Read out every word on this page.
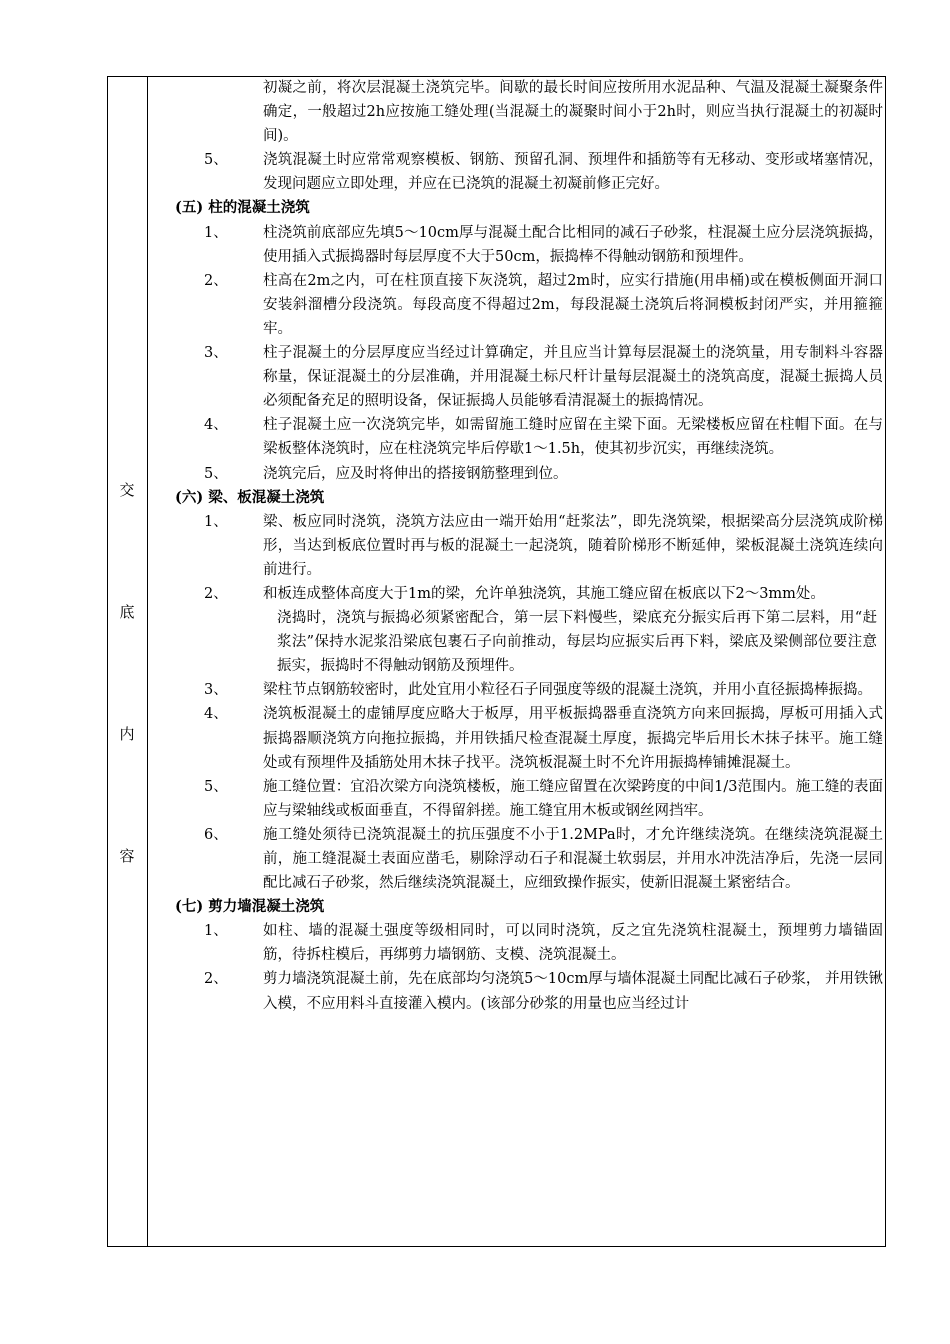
交
底
内
容
初凝之前，将次层混凝土浇筑完毕。间歇的最长时间应按所用水泥品种、气温及混凝土凝聚条件确定，一般超过2h应按施工缝处理(当混凝土的凝聚时间小于2h时，则应当执行混凝土的初凝时间)。
5、	浇筑混凝土时应常常观察模板、钢筋、预留孔洞、预埋件和插筋等有无移动、变形或堵塞情况，发现问题应立即处理，并应在已浇筑的混凝土初凝前修正完好。
(五) 柱的混凝土浇筑
1、	柱浇筑前底部应先填5～10cm厚与混凝土配合比相同的减石子砂浆，柱混凝土应分层浇筑振捣，使用插入式振捣器时每层厚度不大于50cm，振捣棒不得触动钢筋和预埋件。
2、	柱高在2m之内，可在柱顶直接下灰浇筑，超过2m时，应实行措施(用串桶)或在模板侧面开洞口安装斜溜槽分段浇筑。每段高度不得超过2m，每段混凝土浇筑后将洞模板封闭严实，并用箍箍牢。
3、	柱子混凝土的分层厚度应当经过计算确定，并且应当计算每层混凝土的浇筑量，用专制料斗容器称量，保证混凝土的分层准确，并用混凝土标尺杆计量每层混凝土的浇筑高度，混凝土振捣人员必须配备充足的照明设备，保证振捣人员能够看清混凝土的振捣情况。
4、	柱子混凝土应一次浇筑完毕，如需留施工缝时应留在主梁下面。无梁楼板应留在柱帽下面。在与梁板整体浇筑时，应在柱浇筑完毕后停歇1～1.5h，使其初步沉实，再继续浇筑。
5、	浇筑完后，应及时将伸出的搭接钢筋整理到位。
(六) 梁、板混凝土浇筑
1、	梁、板应同时浇筑，浇筑方法应由一端开始用“赶浆法”，即先浇筑梁，根据梁高分层浇筑成阶梯形，当达到板底位置时再与板的混凝土一起浇筑，随着阶梯形不断延伸，梁板混凝土浇筑连续向前进行。
2、	和板连成整体高度大于1m的梁，允许单独浇筑，其施工缝应留在板底以下2～3mm处。
浇捣时，浇筑与振捣必须紧密配合，第一层下料慢些，梁底充分振实后再下第二层料，用“赶浆法”保持水泥浆沿梁底包裹石子向前推动，每层均应振实后再下料，梁底及梁侧部位要注意振实，振捣时不得触动钢筋及预埋件。
3、	梁柱节点钢筋较密时，此处宜用小粒径石子同强度等级的混凝土浇筑，并用小直径振捣棒振捣。
4、	浇筑板混凝土的虚铺厚度应略大于板厚，用平板振捣器垂直浇筑方向来回振捣，厚板可用插入式振捣器顺浇筑方向拖拉振捣，并用铁插尺检查混凝土厚度，振捣完毕后用长木抹子抹平。施工缝处或有预埋件及插筋处用木抹子找平。浇筑板混凝土时不允许用振捣棒铺摊混凝土。
5、	施工缝位置：宜沿次梁方向浇筑楼板，施工缝应留置在次梁跨度的中间1/3范围内。施工缝的表面应与梁轴线或板面垂直，不得留斜搓。施工缝宜用木板或钢丝网挡牢。
6、	施工缝处须待已浇筑混凝土的抗压强度不小于1.2MPa时，才允许继续浇筑。在继续浇筑混凝土前，施工缝混凝土表面应凿毛，剔除浮动石子和混凝土软弱层，并用水冲洗洁净后，先浇一层同配比减石子砂浆，然后继续浇筑混凝土，应细致操作振实，使新旧混凝土紧密结合。
(七) 剪力墙混凝土浇筑
1、	如柱、墙的混凝土强度等级相同时，可以同时浇筑，反之宜先浇筑柱混凝土，预埋剪力墙锚固筋，待拆柱模后，再绑剪力墙钢筋、支模、浇筑混凝土。
2、	剪力墙浇筑混凝土前，先在底部均匀浇筑5～10cm厚与墙体混凝土同配比减石子砂浆， 并用铁锹入模，不应用料斗直接灌入模内。(该部分砂浆的用量也应当经过计
